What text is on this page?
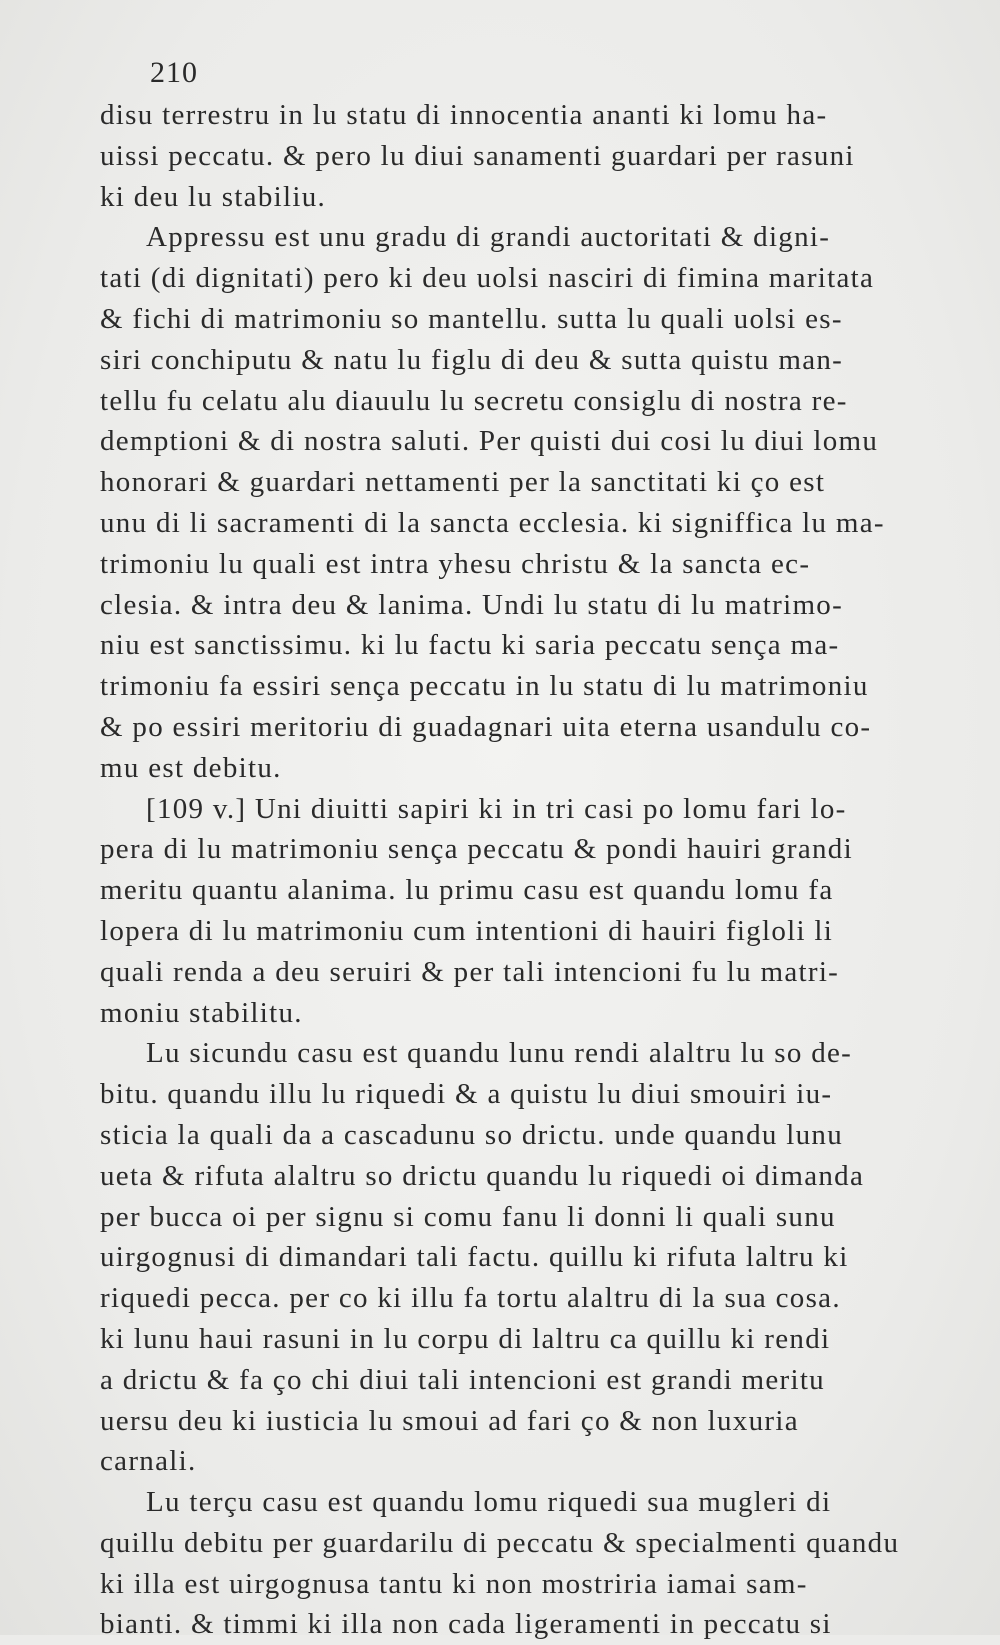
210
disu terrestru in lu statu di innocentia ananti ki lomu ha-
uissi peccatu. & pero lu diui sanamenti guardari per rasuni
ki deu lu stabiliu.
Appressu est unu gradu di grandi auctoritati & digni-
tati (di dignitati) pero ki deu uolsi nasciri di fimina maritata
& fichi di matrimoniu so mantellu. sutta lu quali uolsi es-
siri conchiputu & natu lu figlu di deu & sutta quistu man-
tellu fu celatu alu diauulu lu secretu consiglu di nostra re-
demptioni & di nostra saluti. Per quisti dui cosi lu diui lomu
honorari & guardari nettamenti per la sanctitati ki ço est
unu di li sacramenti di la sancta ecclesia. ki signiffica lu ma-
trimoniu lu quali est intra yhesu christu & la sancta ec-
clesia. & intra deu & lanima. Undi lu statu di lu matrimo-
niu est sanctissimu. ki lu factu ki saria peccatu sença ma-
trimoniu fa essiri sença peccatu in lu statu di lu matrimoniu
& po essiri meritoriu di guadagnari uita eterna usandulu co-
mu est debitu.
[109 v.] Uni diuitti sapiri ki in tri casi po lomu fari lo-
pera di lu matrimoniu sença peccatu & pondi hauiri grandi
meritu quantu alanima. lu primu casu est quandu lomu fa
lopera di lu matrimoniu cum intentioni di hauiri figloli li
quali renda a deu seruiri & per tali intencioni fu lu matri-
moniu stabilitu.
Lu sicundu casu est quandu lunu rendi alaltru lu so de-
bitu. quandu illu lu riquedi & a quistu lu diui smouiri iu-
sticia la quali da a cascadunu so drictu. unde quandu lunu
ueta & rifuta alaltru so drictu quandu lu riquedi oi dimanda
per bucca oi per signu si comu fanu li donni li quali sunu
uirgognusi di dimandari tali factu. quillu ki rifuta laltru ki
riquedi pecca. per co ki illu fa tortu alaltru di la sua cosa.
ki lunu haui rasuni in lu corpu di laltru ca quillu ki rendi
a drictu & fa ço chi diui tali intencioni est grandi meritu
uersu deu ki iusticia lu smoui ad fari ço & non luxuria
carnali.
Lu terçu casu est quandu lomu riquedi sua mugleri di
quillu debitu per guardarilu di peccatu & specialmenti quandu
ki illa est uirgognusa tantu ki non mostriria iamai sam-
bianti. & timmi ki illa non cada ligeramenti in peccatu si
